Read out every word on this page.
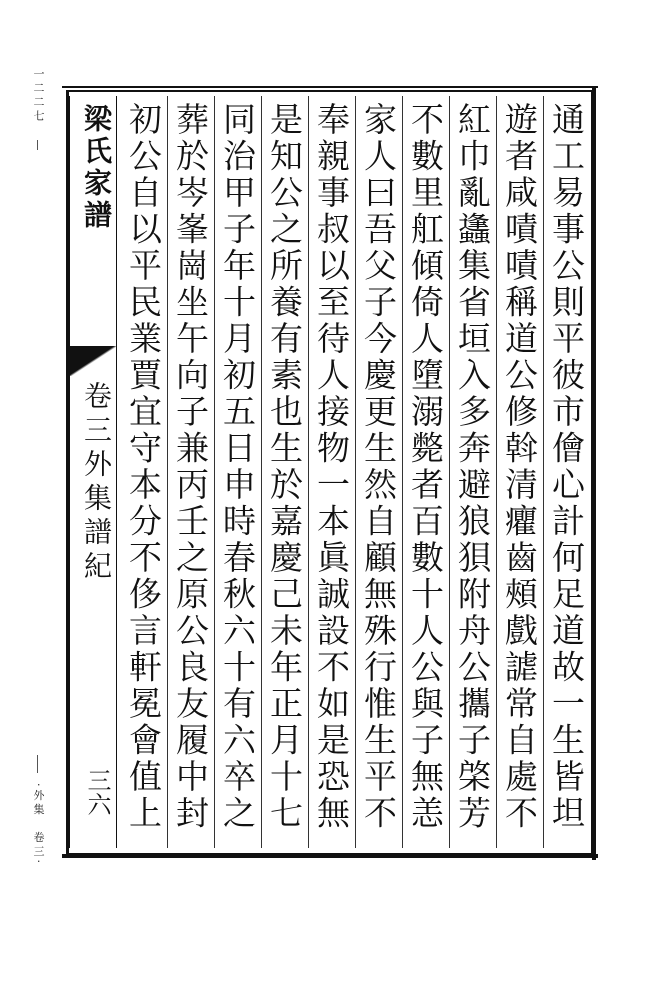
一二二七
·外集　卷三·
梁氏家譜
卷三外集譜紀
三六
通工易事公則平彼市儈心計何足道故一生皆坦
遊者咸嘖嘖稱道公修斡清癯齒頰戲謔常自處不
紅巾亂蠭集省垣入多奔避狼狽附舟公攜子棨芳
不數里舡傾倚人墮溺斃者百數十人公與子無恙
家人曰吾父子今慶更生然自顧無殊行惟生平不
奉親事叔以至待人接物一本眞誠設不如是恐無
是知公之所養有素也生於嘉慶己未年正月十七
同治甲子年十月初五日申時春秋六十有六卒之
葬於岑峯崗坐午向子兼丙壬之原公良友履中封
初公自以平民業賈宜守本分不侈言軒冕會值上
